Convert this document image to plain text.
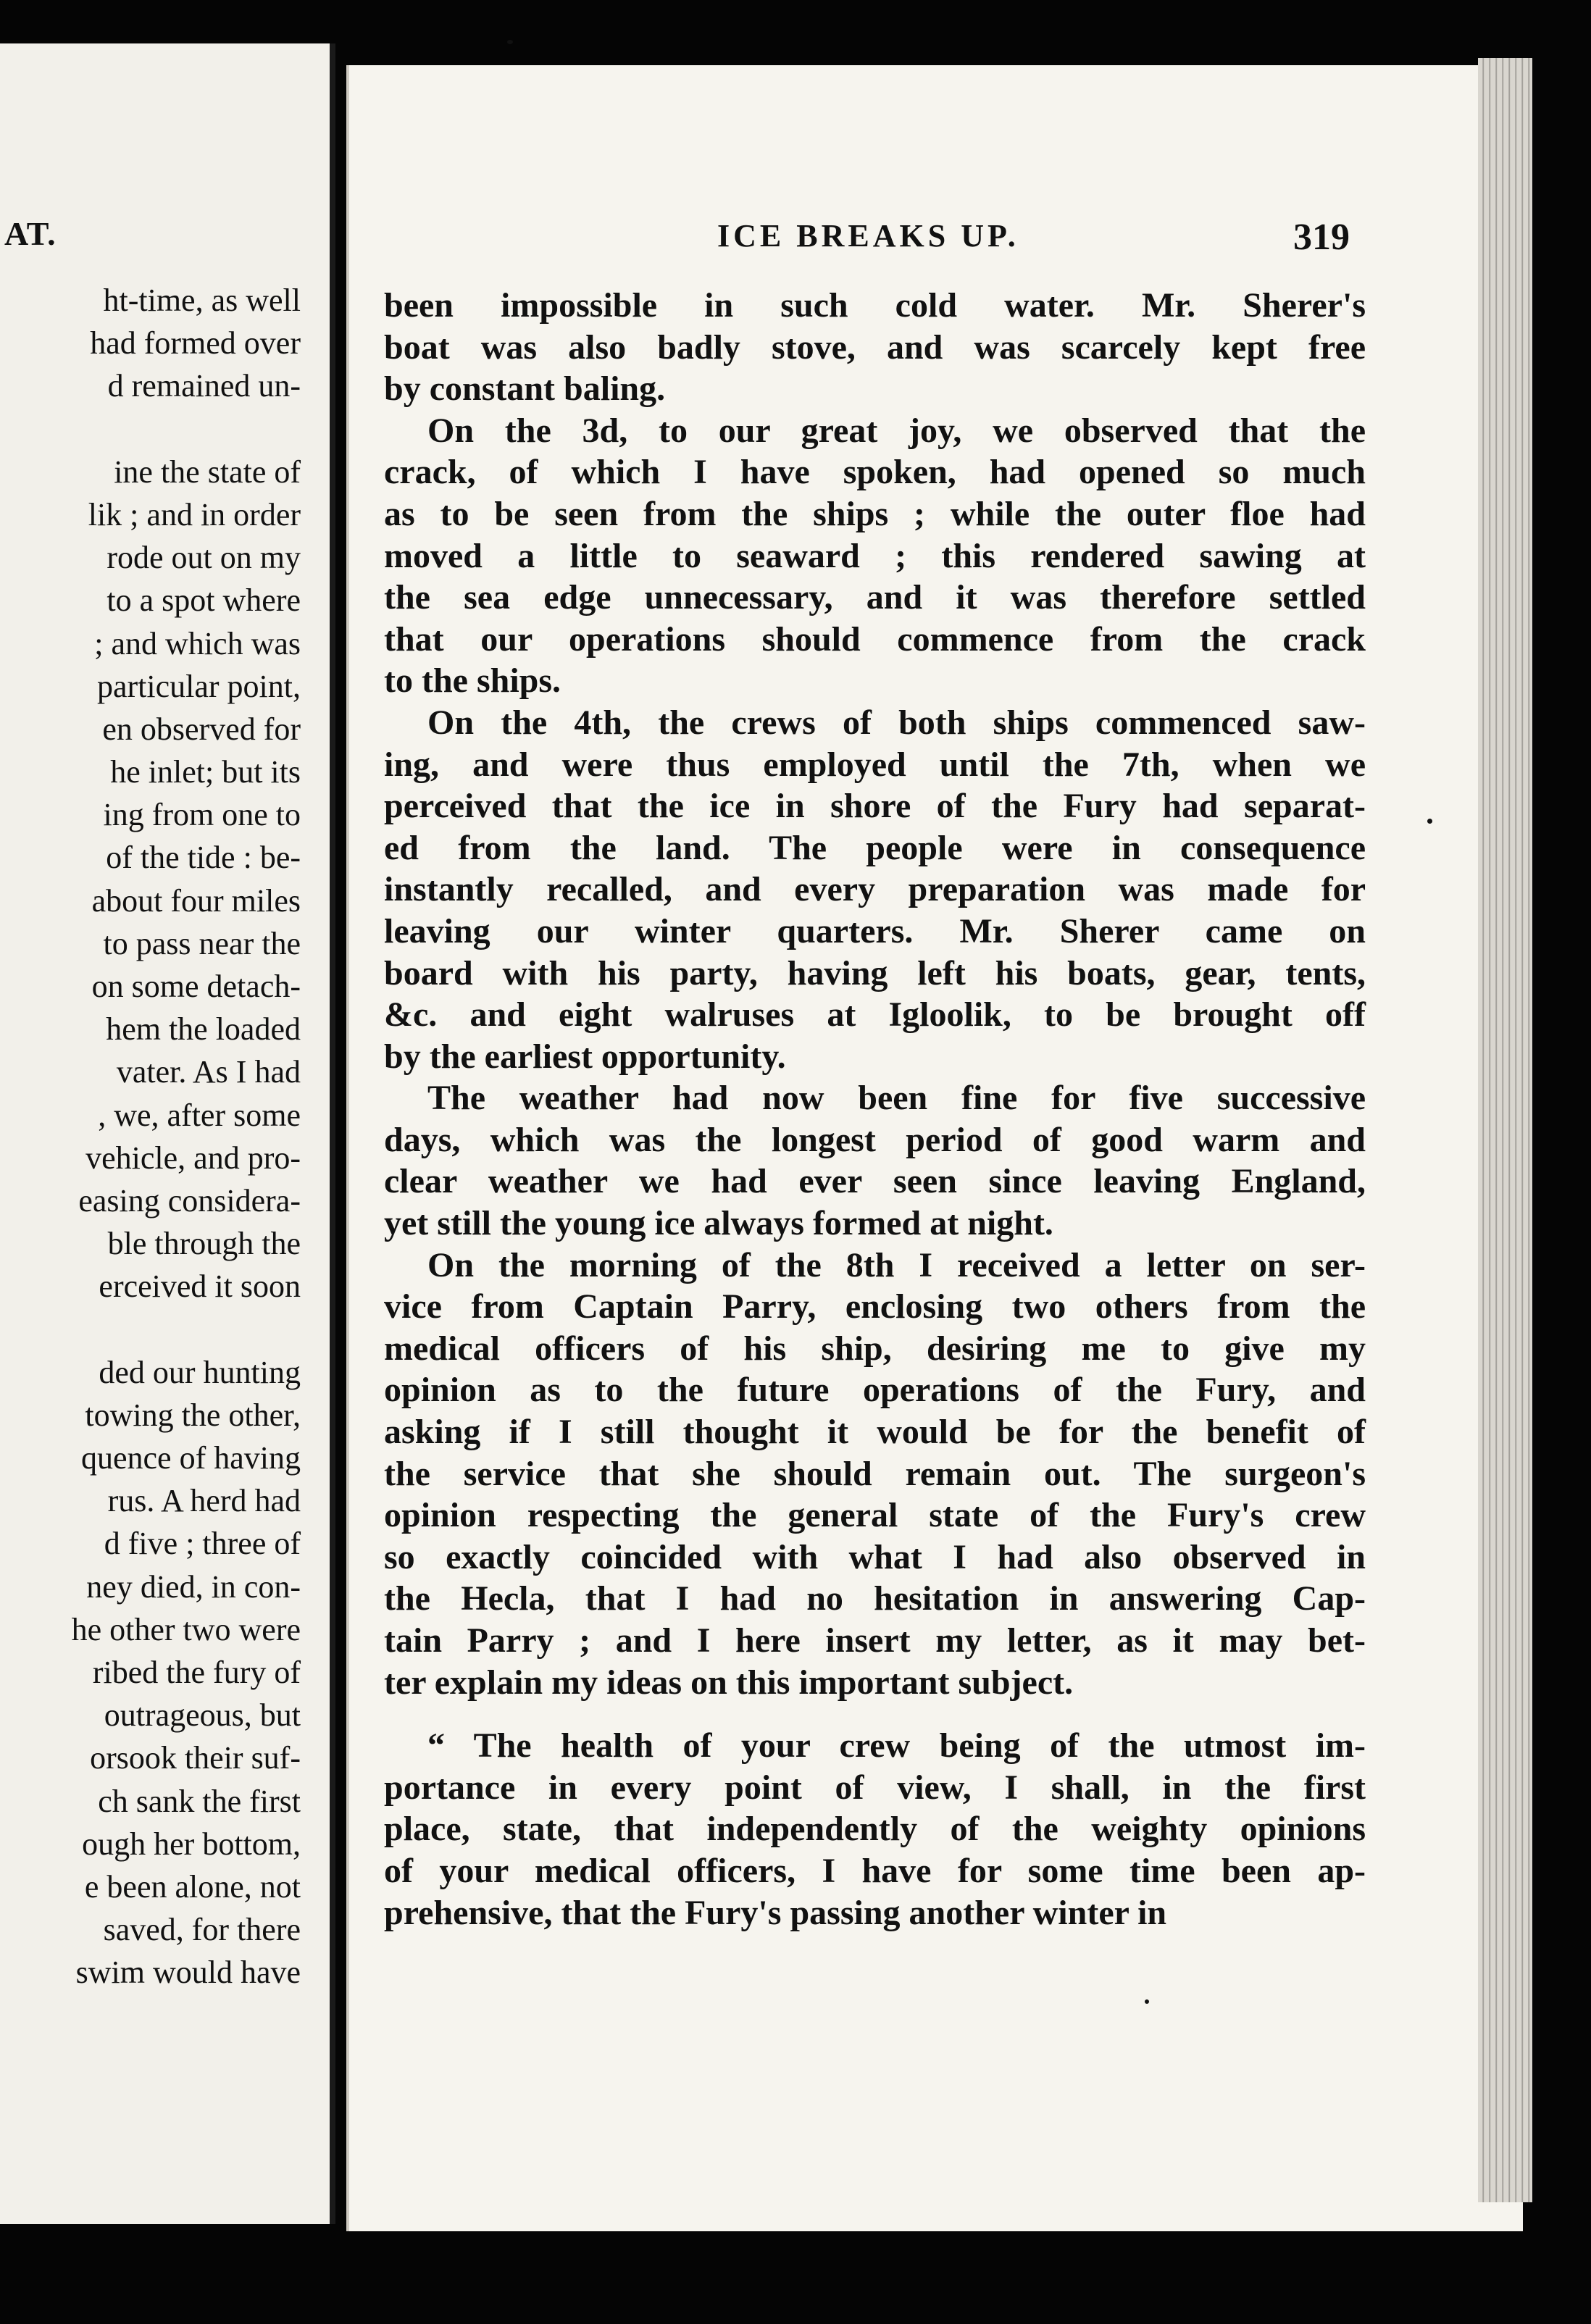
AT.
ht-time, as well
had formed over
d remained un-
ine the state of
lik ; and in order
rode out on my
to a spot where
; and which was
particular point,
en observed for
he inlet; but its
ing from one to
of the tide : be-
about four miles
to pass near the
on some detach-
hem the loaded
vater. As I had
, we, after some
vehicle, and pro-
easing considera-
ble through the
erceived it soon
ded our hunting
towing the other,
quence of having
rus. A herd had
d five ; three of
ney died, in con-
he other two were
ribed the fury of
outrageous, but
orsook their suf-
ch sank the first
ough her bottom,
e been alone, not
saved, for there
swim would have
ICE BREAKS UP.	319
been impossible in such cold water. Mr. Sherer's
boat was also badly stove, and was scarcely kept free
by constant baling.
On the 3d, to our great joy, we observed that the
crack, of which I have spoken, had opened so much
as to be seen from the ships ; while the outer floe had
moved a little to seaward ; this rendered sawing at
the sea edge unnecessary, and it was therefore settled
that our operations should commence from the crack
to the ships.
On the 4th, the crews of both ships commenced saw-
ing, and were thus employed until the 7th, when we
perceived that the ice in shore of the Fury had separat-
ed from the land. The people were in consequence
instantly recalled, and every preparation was made for
leaving our winter quarters. Mr. Sherer came on
board with his party, having left his boats, gear, tents,
&c. and eight walruses at Igloolik, to be brought off
by the earliest opportunity.
The weather had now been fine for five successive
days, which was the longest period of good warm and
clear weather we had ever seen since leaving England,
yet still the young ice always formed at night.
On the morning of the 8th I received a letter on ser-
vice from Captain Parry, enclosing two others from the
medical officers of his ship, desiring me to give my
opinion as to the future operations of the Fury, and
asking if I still thought it would be for the benefit of
the service that she should remain out. The surgeon's
opinion respecting the general state of the Fury's crew
so exactly coincided with what I had also observed in
the Hecla, that I had no hesitation in answering Cap-
tain Parry ; and I here insert my letter, as it may bet-
ter explain my ideas on this important subject.
“ The health of your crew being of the utmost im-
portance in every point of view, I shall, in the first
place, state, that independently of the weighty opinions
of your medical officers, I have for some time been ap-
prehensive, that the Fury's passing another winter in
